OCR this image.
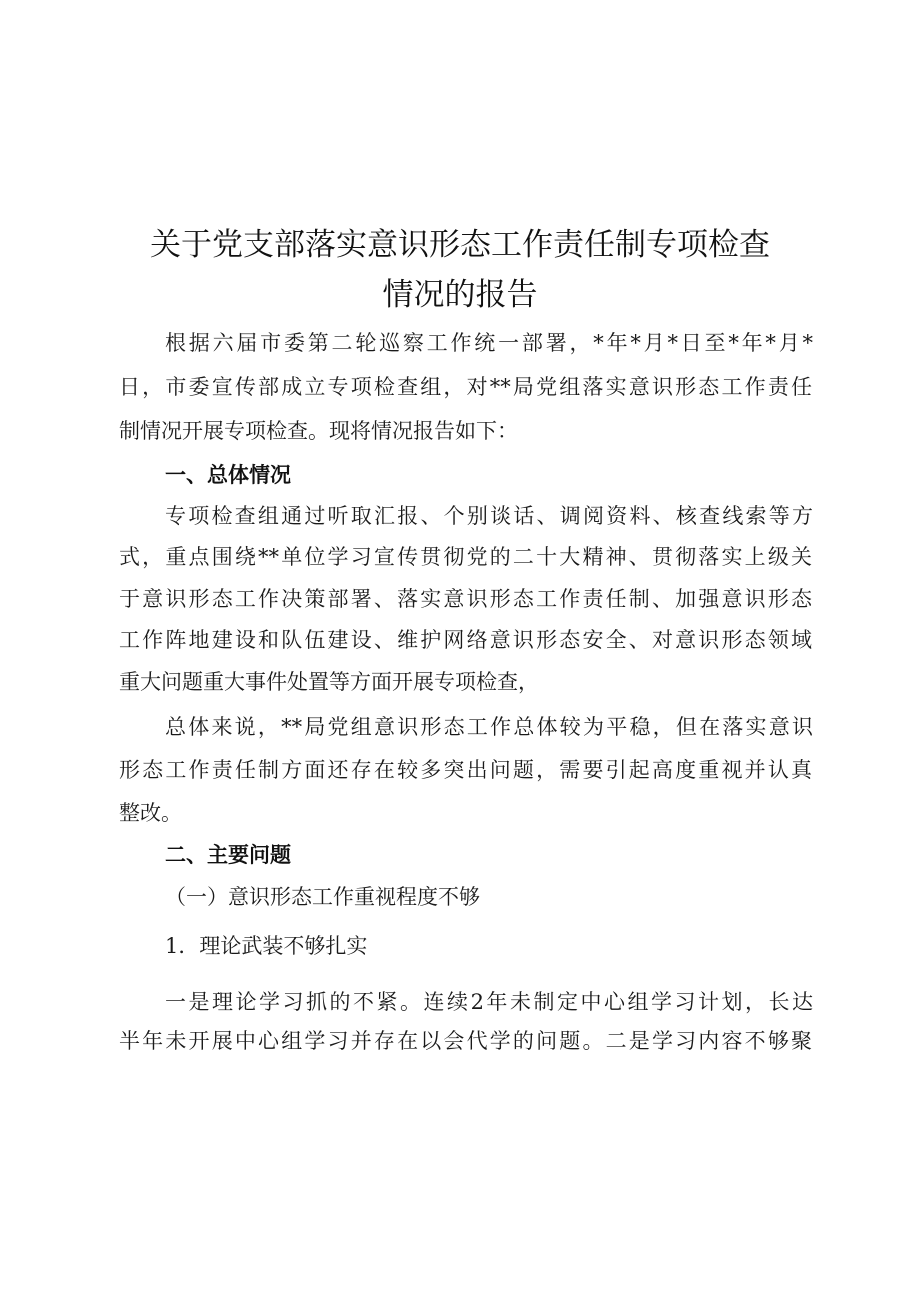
关于党支部落实意识形态工作责任制专项检查
情况的报告
根据六届市委第二轮巡察工作统一部署，*年*月*日至*年*月*
日，市委宣传部成立专项检查组，对**局党组落实意识形态工作责任
制情况开展专项检查。现将情况报告如下：
一、总体情况
专项检查组通过听取汇报、个别谈话、调阅资料、核查线索等方
式，重点围绕**单位学习宣传贯彻党的二十大精神、贯彻落实上级关
于意识形态工作决策部署、落实意识形态工作责任制、加强意识形态
工作阵地建设和队伍建设、维护网络意识形态安全、对意识形态领域
重大问题重大事件处置等方面开展专项检查，
总体来说，**局党组意识形态工作总体较为平稳，但在落实意识
形态工作责任制方面还存在较多突出问题，需要引起高度重视并认真
整改。
二、主要问题
（一）意识形态工作重视程度不够
1．理论武装不够扎实
一是理论学习抓的不紧。连续2年未制定中心组学习计划，长达
半年未开展中心组学习并存在以会代学的问题。二是学习内容不够聚
